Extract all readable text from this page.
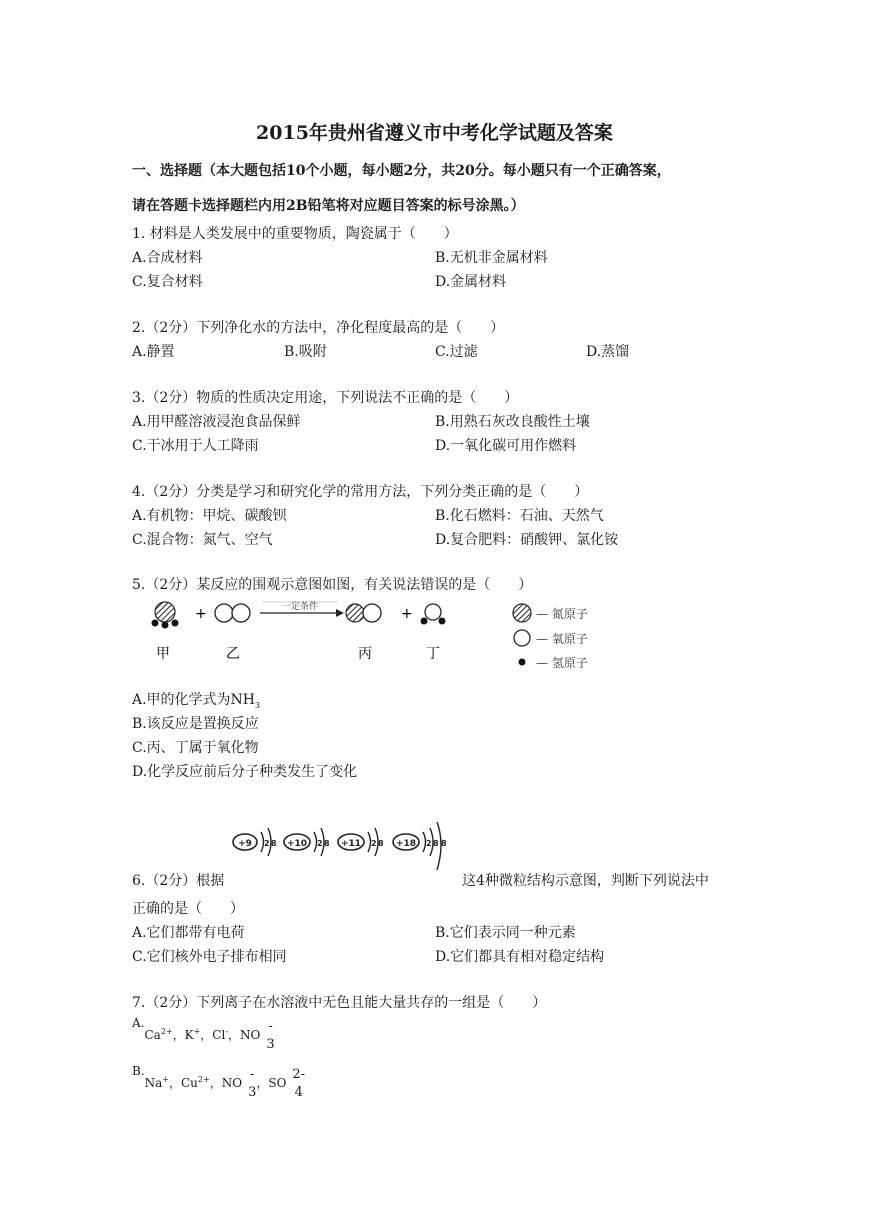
2015年贵州省遵义市中考化学试题及答案
一、选择题（本大题包括10个小题，每小题2分，共20分。每小题只有一个正确答案，
请在答题卡选择题栏内用2B铅笔将对应题目答案的标号涂黑。）
1. 材料是人类发展中的重要物质，陶瓷属于（　　）
A.合成材料	B.无机非金属材料
C.复合材料	D.金属材料
2.（2分）下列净化水的方法中，净化程度最高的是（　　）
A.静置	B.吸附	C.过滤	D.蒸馏
3.（2分）物质的性质决定用途，下列说法不正确的是（　　）
A.用甲醛溶液浸泡食品保鲜	B.用熟石灰改良酸性土壤
C.干冰用于人工降雨	D.一氧化碳可用作燃料
4.（2分）分类是学习和研究化学的常用方法，下列分类正确的是（　　）
A.有机物：甲烷、碳酸钡	B.化石燃料：石油、天然气
C.混合物：氮气、空气	D.复合肥料：硝酸钾、氯化铵
5.（2分）某反应的围观示意图如图，有关说法错误的是（　　）
+	一定条件	+
甲	乙	丙	丁
— 氮原子
— 氧原子
— 氢原子
A.甲的化学式为$NH_3$
B.该反应是置换反应
C.丙、丁属于氧化物
D.化学反应前后分子种类发生了变化
+9 2 8 +10 2 8 +11 2 8 +18 2 8 8
6.（2分）根据	这4种微粒结构示意图，判断下列说法中
正确的是（　　）
A.它们都带有电荷	B.它们表示同一种元素
C.它们核外电子排布相同	D.它们都具有相对稳定结构
7.（2分）下列离子在水溶液中无色且能大量共存的一组是（　　）
$A.Ca^{2+}$，K+，Cl-，NO
-
3
B.Na+，$Cu^{2+}$，NO
-
3
，SO
2-
4
